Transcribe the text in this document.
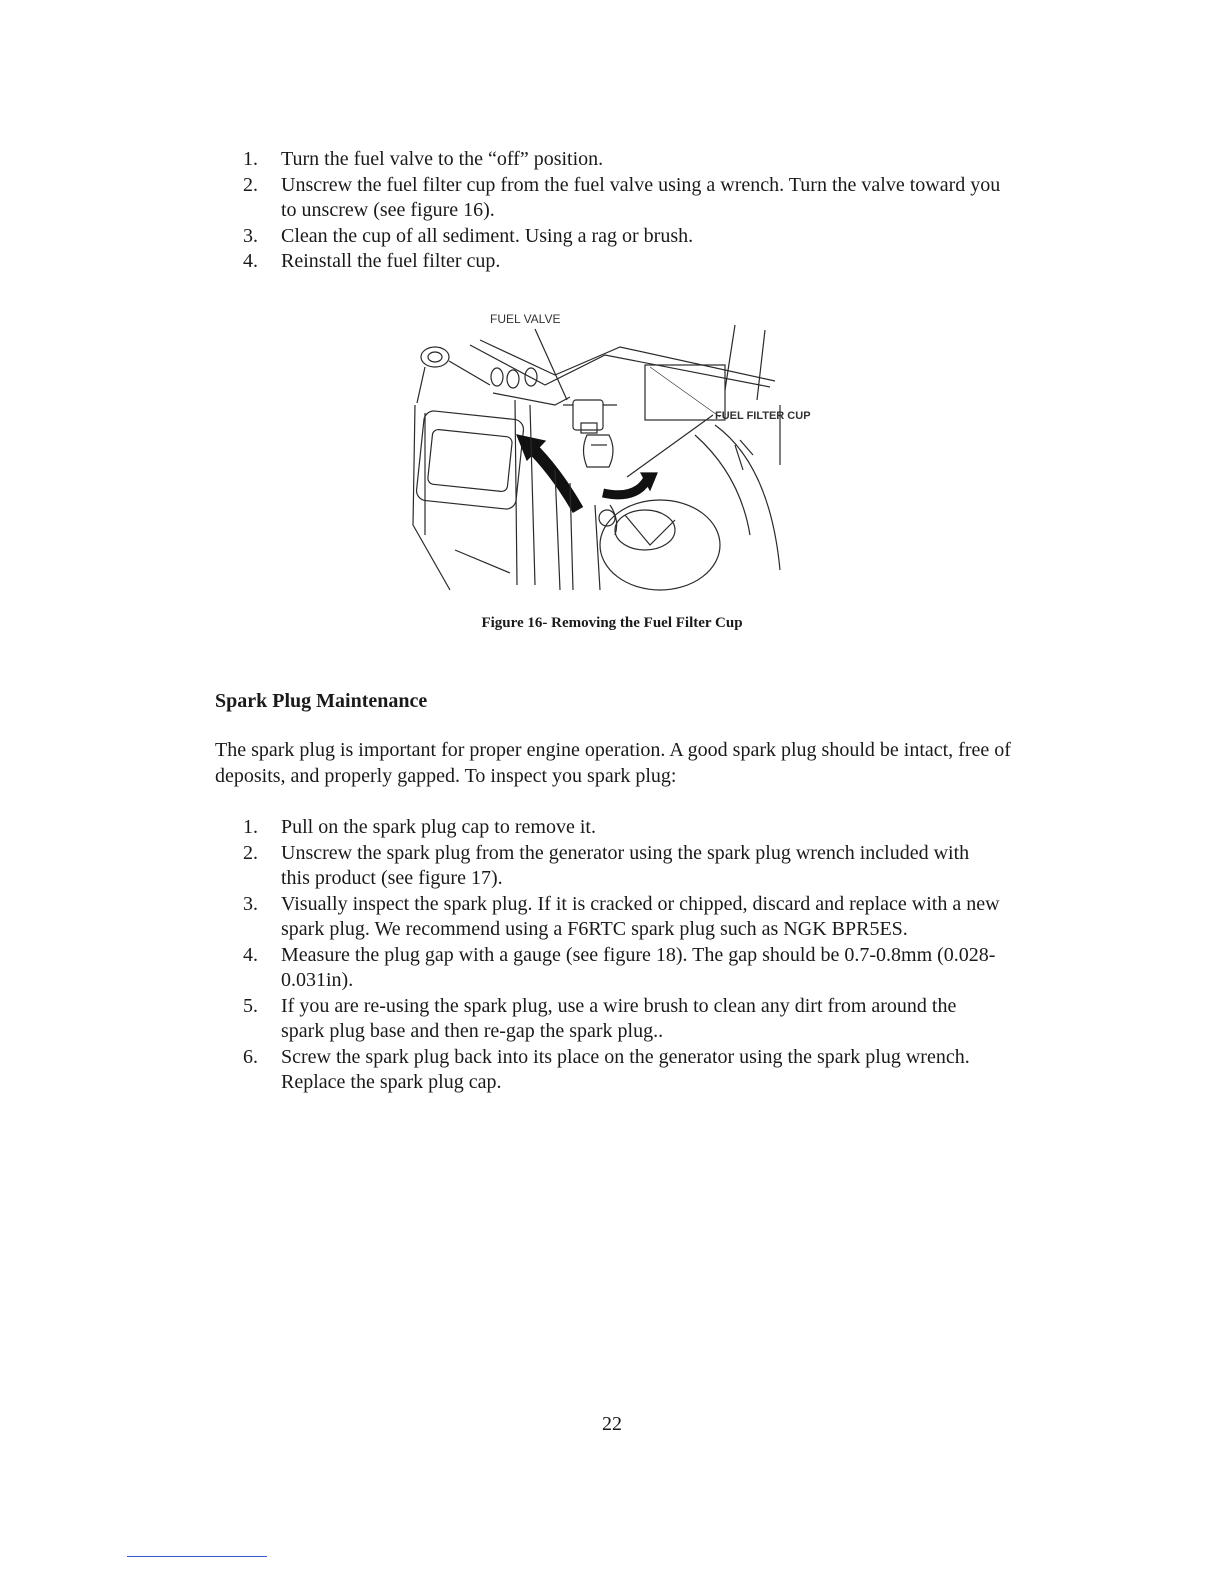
1. Turn the fuel valve to the “off” position.
2. Unscrew the fuel filter cup from the fuel valve using a wrench. Turn the valve toward you to unscrew (see figure 16).
3. Clean the cup of all sediment. Using a rag or brush.
4. Reinstall the fuel filter cup.
FUEL VALVE
FUEL FILTER CUP
Figure 16- Removing the Fuel Filter Cup
Spark Plug Maintenance
The spark plug is important for proper engine operation. A good spark plug should be intact, free of deposits, and properly gapped. To inspect you spark plug:
1. Pull on the spark plug cap to remove it.
2. Unscrew the spark plug from the generator using the spark plug wrench included with this product (see figure 17).
3. Visually inspect the spark plug. If it is cracked or chipped, discard and replace with a new spark plug. We recommend using a F6RTC spark plug such as NGK BPR5ES.
4. Measure the plug gap with a gauge (see figure 18). The gap should be 0.7-0.8mm (0.028-0.031in).
5. If you are re-using the spark plug, use a wire brush to clean any dirt from around the spark plug base and then re-gap the spark plug..
6. Screw the spark plug back into its place on the generator using the spark plug wrench. Replace the spark plug cap.
22
